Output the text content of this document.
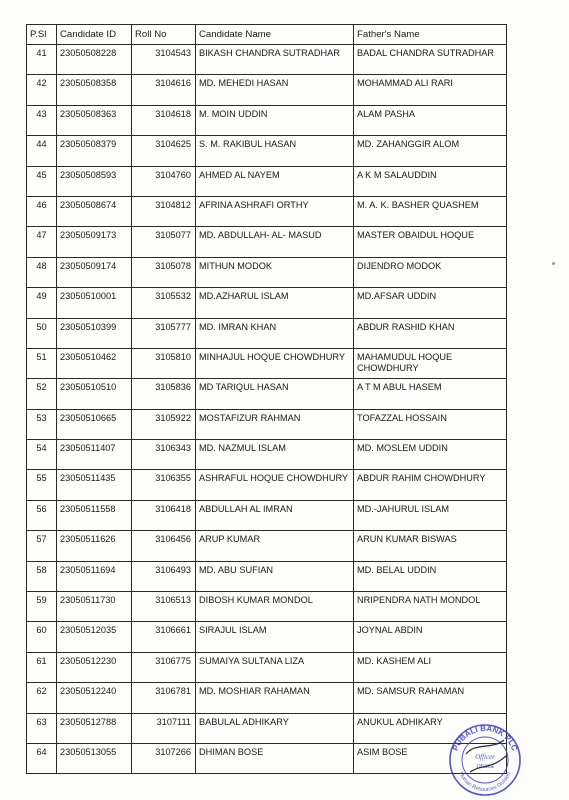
P.Sl	Candidate ID	Roll No	Candidate Name	Father's Name
41	23050508228	3104543	BIKASH CHANDRA SUTRADHAR	BADAL CHANDRA SUTRADHAR
42	23050508358	3104616	MD. MEHEDI HASAN	MOHAMMAD ALI RARI
43	23050508363	3104618	M. MOIN UDDIN	ALAM PASHA
44	23050508379	3104625	S. M. RAKIBUL HASAN	MD. ZAHANGGIR ALOM
45	23050508593	3104760	AHMED AL NAYEM	A K M SALAUDDIN
46	23050508674	3104812	AFRINA ASHRAFI ORTHY	M. A. K. BASHER QUASHEM
47	23050509173	3105077	MD. ABDULLAH- AL- MASUD	MASTER OBAIDUL HOQUE
48	23050509174	3105078	MITHUN MODOK	DIJENDRO MODOK
49	23050510001	3105532	MD.AZHARUL ISLAM	MD.AFSAR UDDIN
50	23050510399	3105777	MD. IMRAN KHAN	ABDUR RASHID KHAN
51	23050510462	3105810	MINHAJUL HOQUE CHOWDHURY	MAHAMUDUL HOQUE CHOWDHURY
52	23050510510	3105836	MD TARIQUL HASAN	A T M ABUL HASEM
53	23050510665	3105922	MOSTAFIZUR RAHMAN	TOFAZZAL HOSSAIN
54	23050511407	3106343	MD. NAZMUL ISLAM	MD. MOSLEM UDDIN
55	23050511435	3106355	ASHRAFUL HOQUE CHOWDHURY	ABDUR RAHIM CHOWDHURY
56	23050511558	3106418	ABDULLAH AL IMRAN	MD.-JAHURUL ISLAM
57	23050511626	3106456	ARUP KUMAR	ARUN KUMAR BISWAS
58	23050511694	3106493	MD. ABU SUFIAN	MD. BELAL UDDIN
59	23050511730	3106513	DIBOSH KUMAR MONDOL	NRIPENDRA NATH MONDOL
60	23050512035	3106661	SIRAJUL ISLAM	JOYNAL ABDIN
61	23050512230	3106775	SUMAIYA SULTANA LIZA	MD. KASHEM ALI
62	23050512240	3106781	MD. MOSHIAR RAHAMAN	MD. SAMSUR RAHAMAN
63	23050512788	3107111	BABULAL ADHIKARY	ANUKUL ADHIKARY
64	23050513055	3107266	DHIMAN BOSE	ASIM BOSE	PUBALI BANK PLC
Human Resources Division
Officer
Dhaka
